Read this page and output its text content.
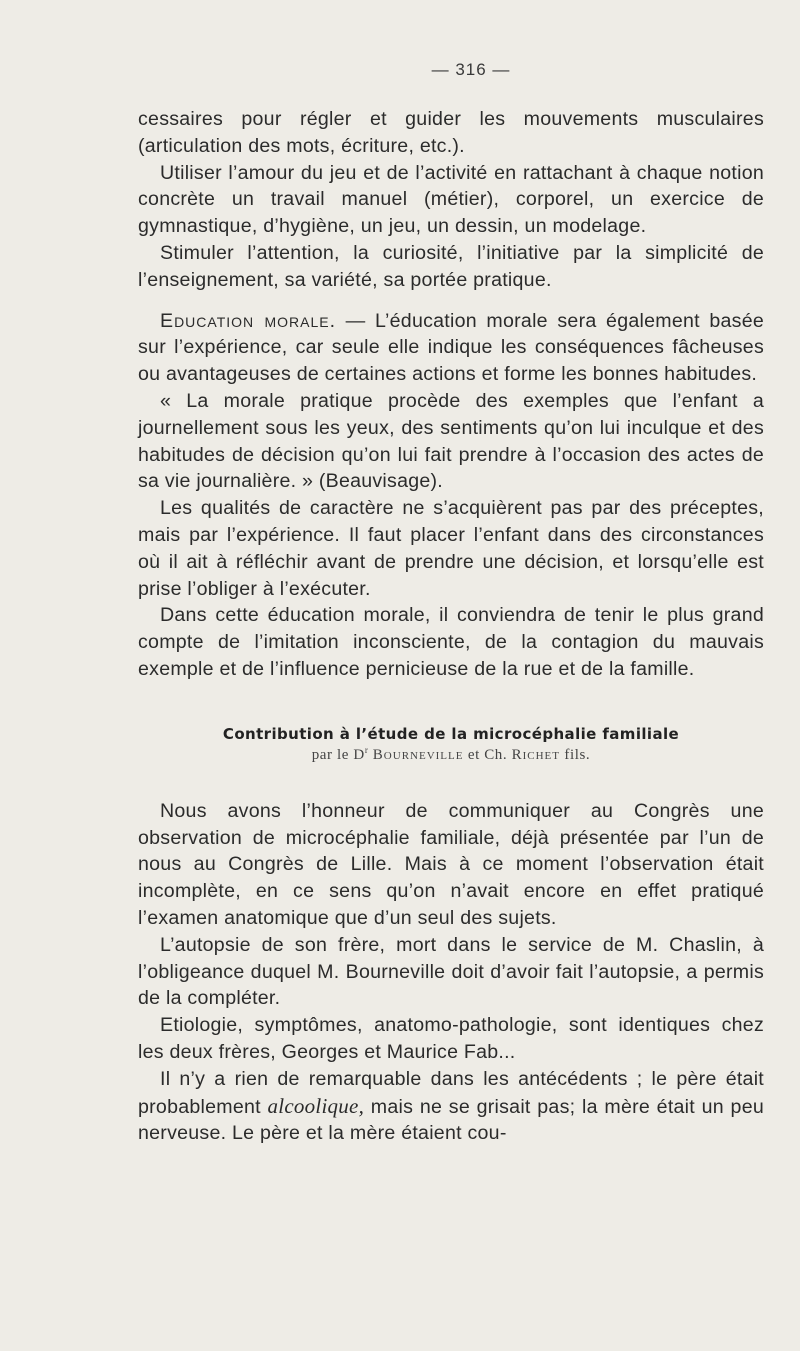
— 316 —

cessaires pour régler et guider les mouvements musculaires (articulation des mots, écriture, etc.).

Utiliser l’amour du jeu et de l’activité en rattachant à chaque notion concrète un travail manuel (métier), corporel, un exercice de gymnastique, d’hygiène, un jeu, un dessin, un modelage.

Stimuler l’attention, la curiosité, l’initiative par la simplicité de l’enseignement, sa variété, sa portée pratique.

Education morale. — L’éducation morale sera également basée sur l’expérience, car seule elle indique les conséquences fâcheuses ou avantageuses de certaines actions et forme les bonnes habitudes.

« La morale pratique procède des exemples que l’enfant a journellement sous les yeux, des sentiments qu’on lui inculque et des habitudes de décision qu’on lui fait prendre à l’occasion des actes de sa vie journalière. » (Beauvisage).

Les qualités de caractère ne s’acquièrent pas par des préceptes, mais par l’expérience. Il faut placer l’enfant dans des circonstances où il ait à réfléchir avant de prendre une décision, et lorsqu’elle est prise l’obliger à l’exécuter.

Dans cette éducation morale, il conviendra de tenir le plus grand compte de l’imitation inconsciente, de la contagion du mauvais exemple et de l’influence pernicieuse de la rue et de la famille.

Contribution à l’étude de la microcéphalie familiale
par le $D^r$ Bourneville et Ch. Richet fils.

Nous avons l’honneur de communiquer au Congrès une observation de microcéphalie familiale, déjà présentée par l’un de nous au Congrès de Lille. Mais à ce moment l’observation était incomplète, en ce sens qu’on n’avait encore en effet pratiqué l’examen anatomique que d’un seul des sujets.

L’autopsie de son frère, mort dans le service de M. Chaslin, à l’obligeance duquel M. Bourneville doit d’avoir fait l’autopsie, a permis de la compléter.

Etiologie, symptômes, anatomo-pathologie, sont identiques chez les deux frères, Georges et Maurice Fab...

Il n’y a rien de remarquable dans les antécédents ; le père était probablement alcoolique, mais ne se grisait pas; la mère était un peu nerveuse. Le père et la mère étaient cou-
